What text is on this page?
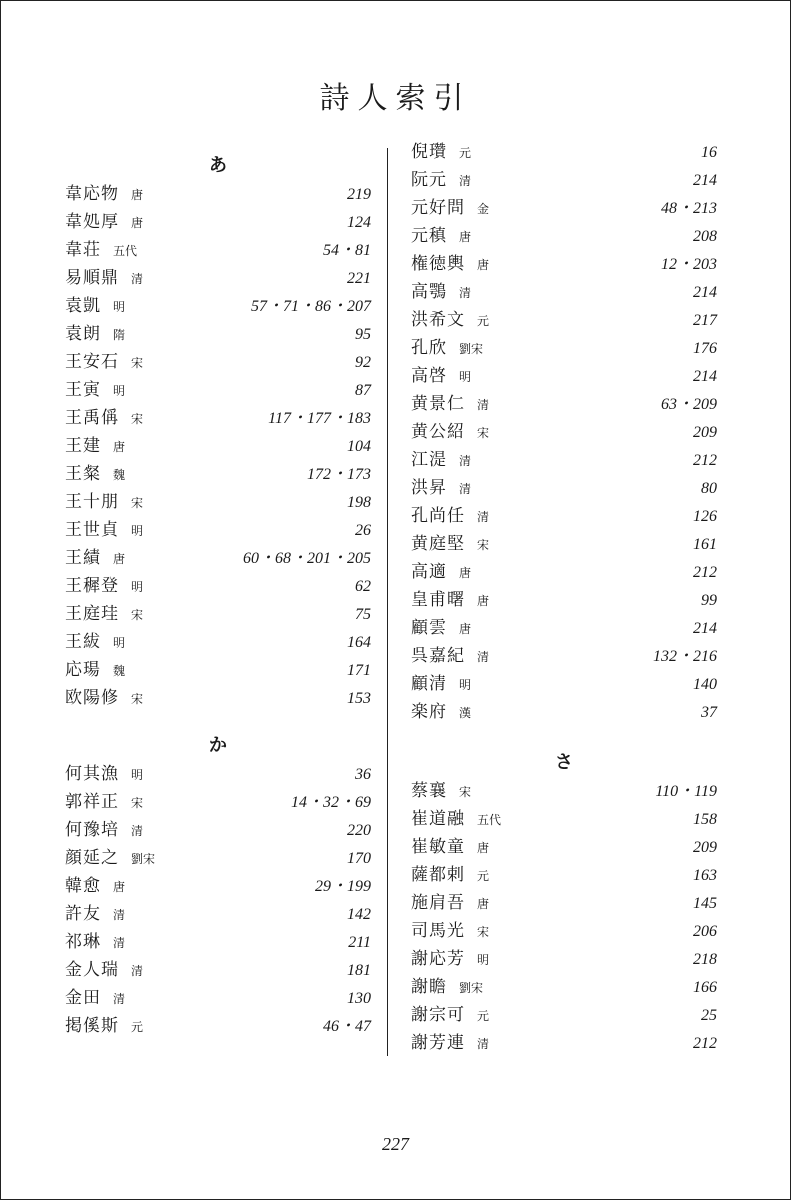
詩人索引
あ
韋応物 唐	219
韋処厚 唐	124
韋荘 五代	54・81
易順鼎 清	221
袁凱 明	57・71・86・207
袁朗 隋	95
王安石 宋	92
王寅 明	87
王禹偁 宋	117・177・183
王建 唐	104
王粲 魏	172・173
王十朋 宋	198
王世貞 明	26
王績 唐	60・68・201・205
王穉登 明	62
王庭珪 宋	75
王紱 明	164
応瑒 魏	171
欧陽修 宋	153
か
何其漁 明	36
郭祥正 宋	14・32・69
何豫培 清	220
顔延之 劉宋	170
韓愈 唐	29・199
許友 清	142
祁琳 清	211
金人瑞 清	181
金田 清	130
掲傒斯 元	46・47
倪瓚 元	16
阮元 清	214
元好問 金	48・213
元稹 唐	208
権徳輿 唐	12・203
高鶚 清	214
洪希文 元	217
孔欣 劉宋	176
高啓 明	214
黄景仁 清	63・209
黄公紹 宋	209
江湜 清	212
洪昇 清	80
孔尚任 清	126
黄庭堅 宋	161
高適 唐	212
皇甫曙 唐	99
顧雲 唐	214
呉嘉紀 清	132・216
顧清 明	140
楽府 漢	37
さ
蔡襄 宋	110・119
崔道融 五代	158
崔敏童 唐	209
薩都剌 元	163
施肩吾 唐	145
司馬光 宋	206
謝応芳 明	218
謝瞻 劉宋	166
謝宗可 元	25
謝芳連 清	212
227
